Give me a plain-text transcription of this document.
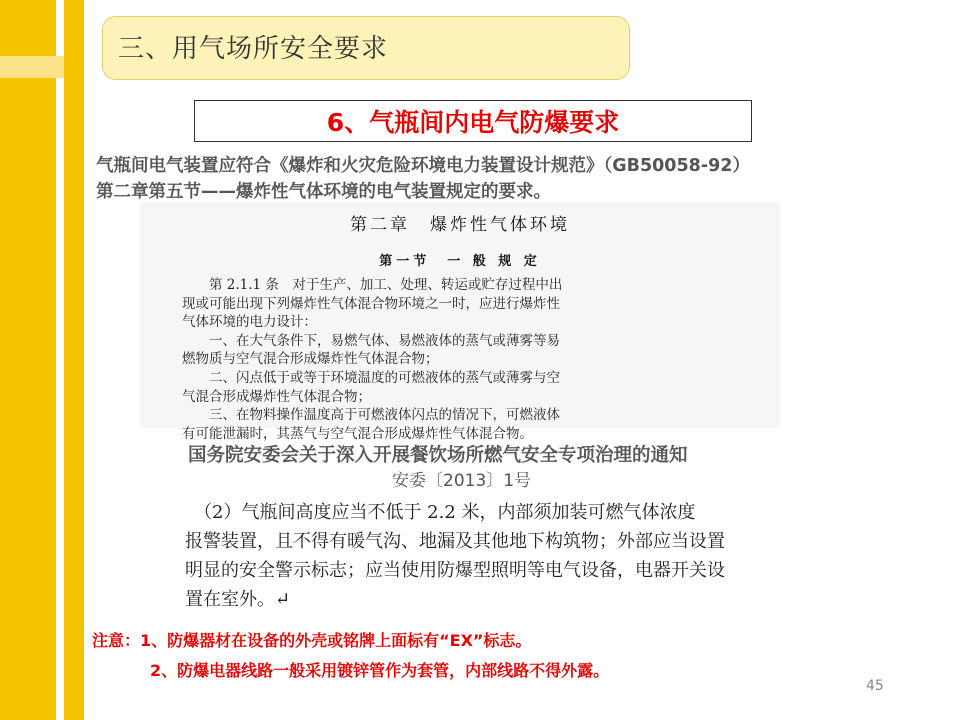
三、用气场所安全要求
6、气瓶间内电气防爆要求
气瓶间电气装置应符合《爆炸和火灾危险环境电力装置设计规范》（GB50058-92）
第二章第五节——爆炸性气体环境的电气装置规定的要求。
第二章　爆炸性气体环境
第一节　一 般 规 定
　　第 2.1.1 条　对于生产、加工、处理、转运或贮存过程中出
现或可能出现下列爆炸性气体混合物环境之一时，应进行爆炸性
气体环境的电力设计：
　　一、在大气条件下，易燃气体、易燃液体的蒸气或薄雾等易
燃物质与空气混合形成爆炸性气体混合物；
　　二、闪点低于或等于环境温度的可燃液体的蒸气或薄雾与空
气混合形成爆炸性气体混合物；
　　三、在物料操作温度高于可燃液体闪点的情况下，可燃液体
有可能泄漏时，其蒸气与空气混合形成爆炸性气体混合物。
国务院安委会关于深入开展餐饮场所燃气安全专项治理的通知
安委〔2013〕1号
　（2）气瓶间高度应当不低于 2.2 米，内部须加装可燃气体浓度
报警装置，且不得有暖气沟、地漏及其他地下构筑物；外部应当设置
明显的安全警示标志；应当使用防爆型照明等电气设备，电器开关设
置在室外。↵
注意：1、防爆器材在设备的外壳或铭牌上面标有“EX”标志。
2、防爆电器线路一般采用镀锌管作为套管，内部线路不得外露。
45
